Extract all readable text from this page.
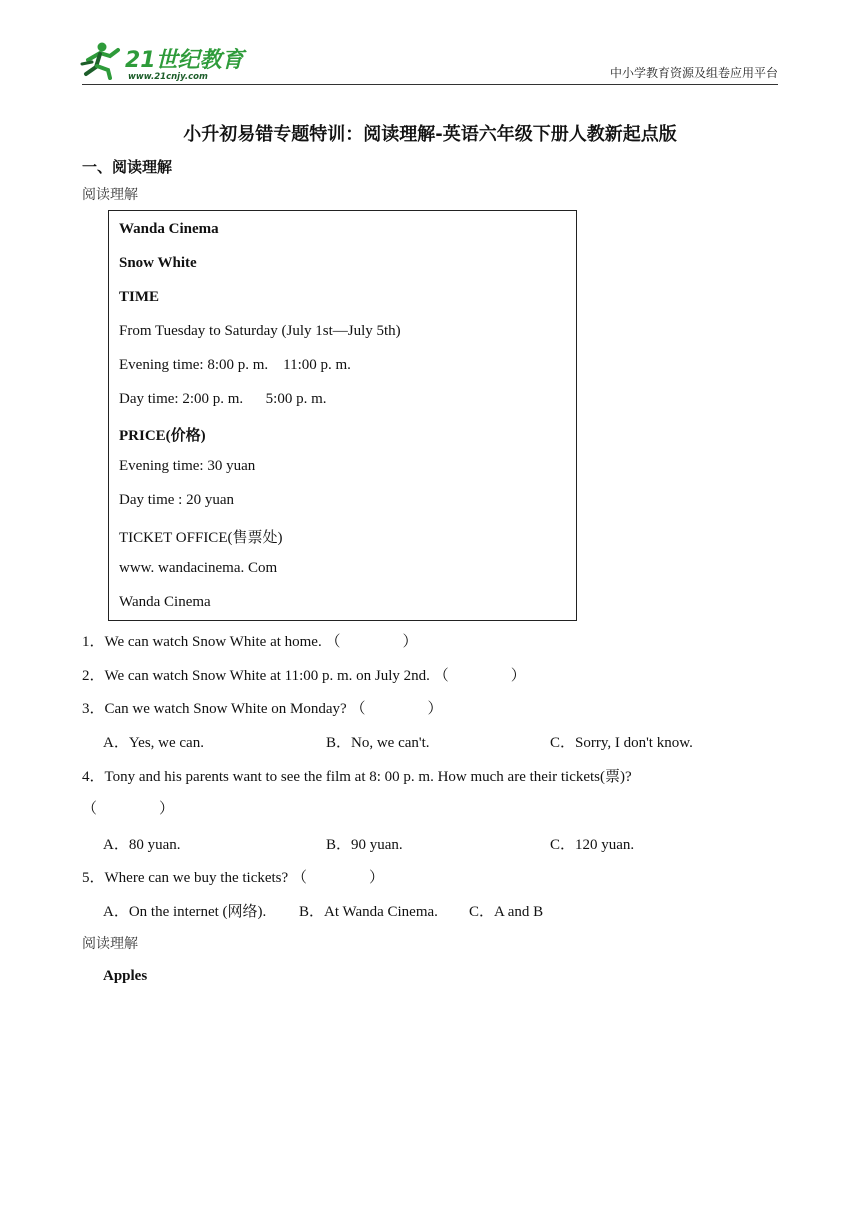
21世纪教育
www.21cnjy.com	中小学教育资源及组卷应用平台
小升初易错专题特训：阅读理解-英语六年级下册人教新起点版
一、阅读理解
阅读理解
Wanda Cinema
Snow White
TIME
From Tuesday to Saturday (July 1st—July 5th)
Evening time: 8:00 p. m.    11:00 p. m.
Day time: 2:00 p. m.      5:00 p. m.
PRICE(价格)
Evening time: 30 yuan
Day time : 20 yuan
TICKET OFFICE(售票处)
www. wandacinema. Com
Wanda Cinema
1．We can watch Snow White at home. （	）
2．We can watch Snow White at 11:00 p. m. on July 2nd. （	）
3．Can we watch Snow White on Monday? （	）
A．Yes, we can.	B．No, we can't.	C．Sorry, I don't know.
4．Tony and his parents want to see the film at 8: 00 p. m. How much are their tickets(票)?
（	）
A．80 yuan.	B．90 yuan.	C．120 yuan.
5．Where can we buy the tickets? （	）
A．On the internet (网络). B．At Wanda Cinema. C．A and B
阅读理解
Apples
